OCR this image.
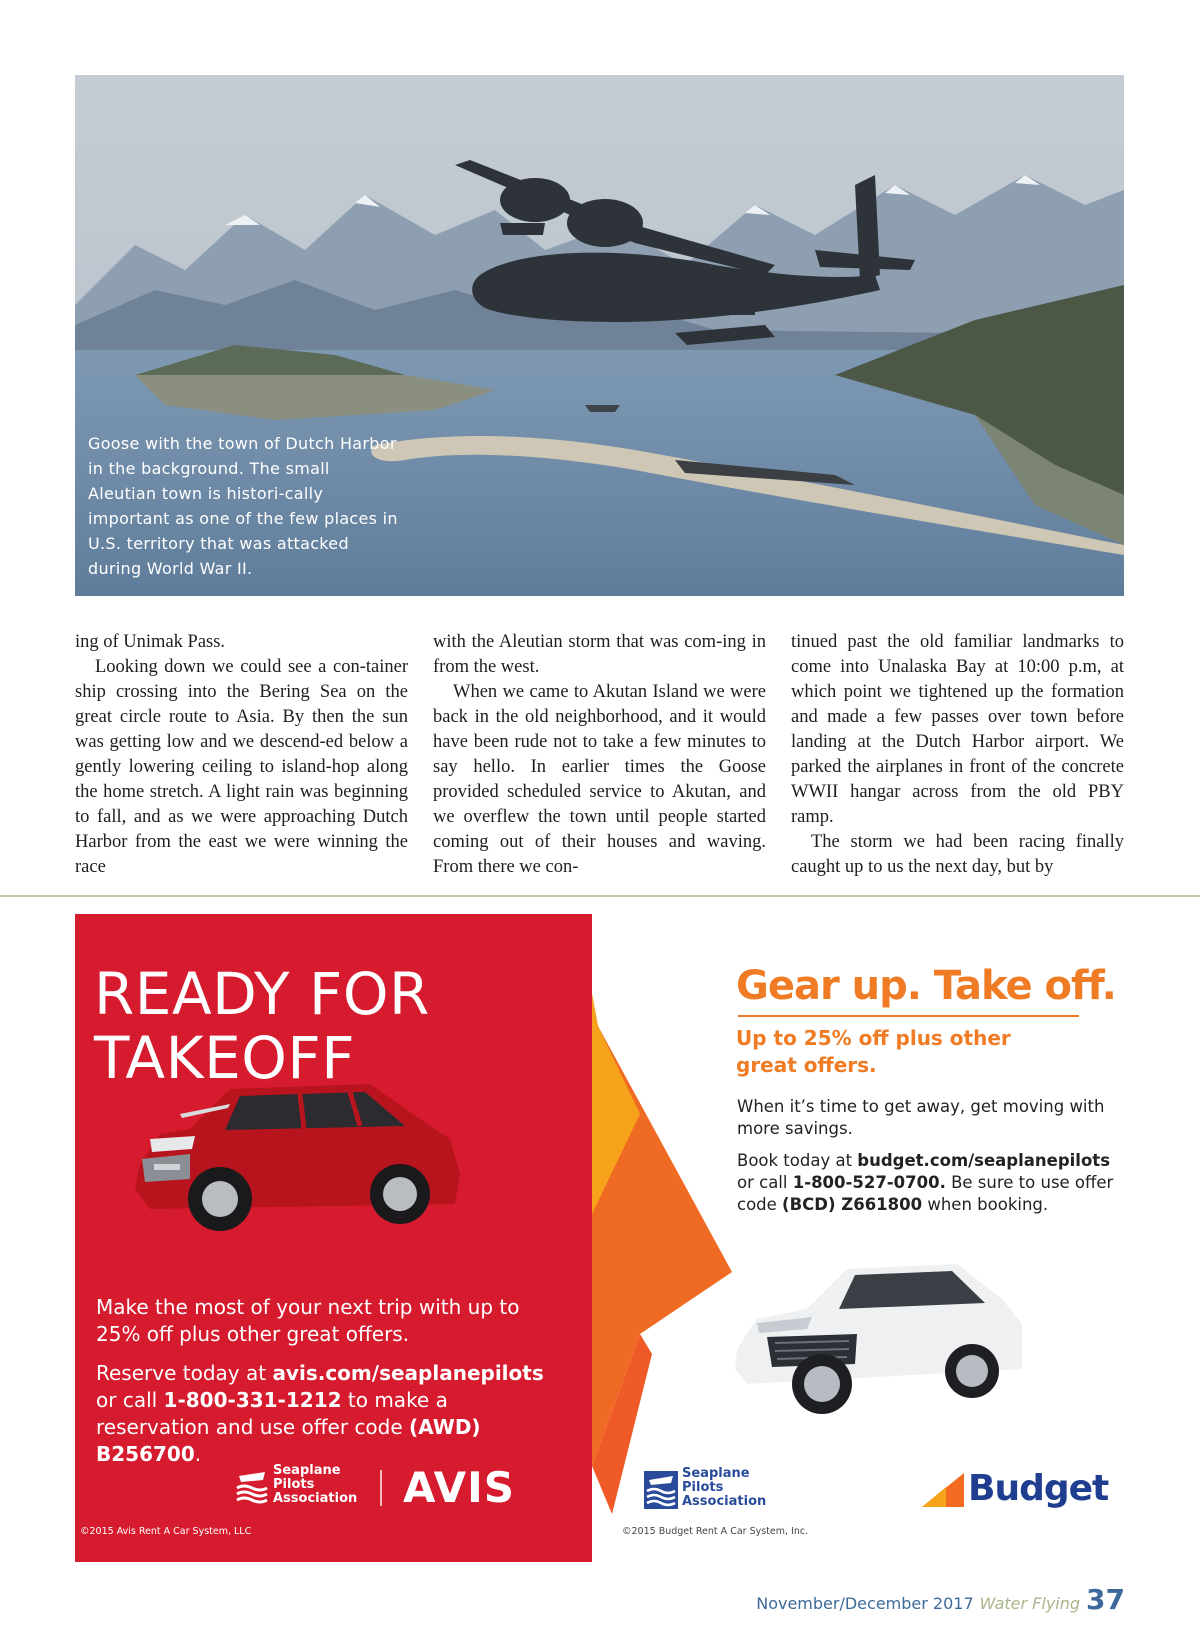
Goose with the town of Dutch Harbor in the background. The small Aleutian town is histori-cally important as one of the few places in U.S. territory that was attacked during World War II.

ing of Unimak Pass.

Looking down we could see a con-tainer ship crossing into the Bering Sea on the great circle route to Asia. By then the sun was getting low and we descend-ed below a gently lowering ceiling to island-hop along the home stretch. A light rain was beginning to fall, and as we were approaching Dutch Harbor from the east we were winning the race

with the Aleutian storm that was com-ing in from the west.

When we came to Akutan Island we were back in the old neighborhood, and it would have been rude not to take a few minutes to say hello. In earlier times the Goose provided scheduled service to Akutan, and we overflew the town until people started coming out of their houses and waving. From there we con-

tinued past the old familiar landmarks to come into Unalaska Bay at 10:00 p.m, at which point we tightened up the formation and made a few passes over town before landing at the Dutch Harbor airport. We parked the airplanes in front of the concrete WWII hangar across from the old PBY ramp.

The storm we had been racing finally caught up to us the next day, but by

READY FOR TAKEOFF

Make the most of your next trip with up to 25% off plus other great offers.

Reserve today at avis.com/seaplanepilots or call 1-800-331-1212 to make a reservation and use offer code (AWD) B256700.

Seaplane Pilots Association	AVIS
©2015 Avis Rent A Car System, LLC
Gear up. Take off.
Up to 25% off plus other great offers.

When it’s time to get away, get moving with more savings.

Book today at budget.com/seaplanepilots or call 1-800-527-0700. Be sure to use offer code (BCD) Z661800 when booking.

Seaplane Pilots Association	Budget
©2015 Budget Rent A Car System, Inc.
November/December 2017 Water Flying 37
